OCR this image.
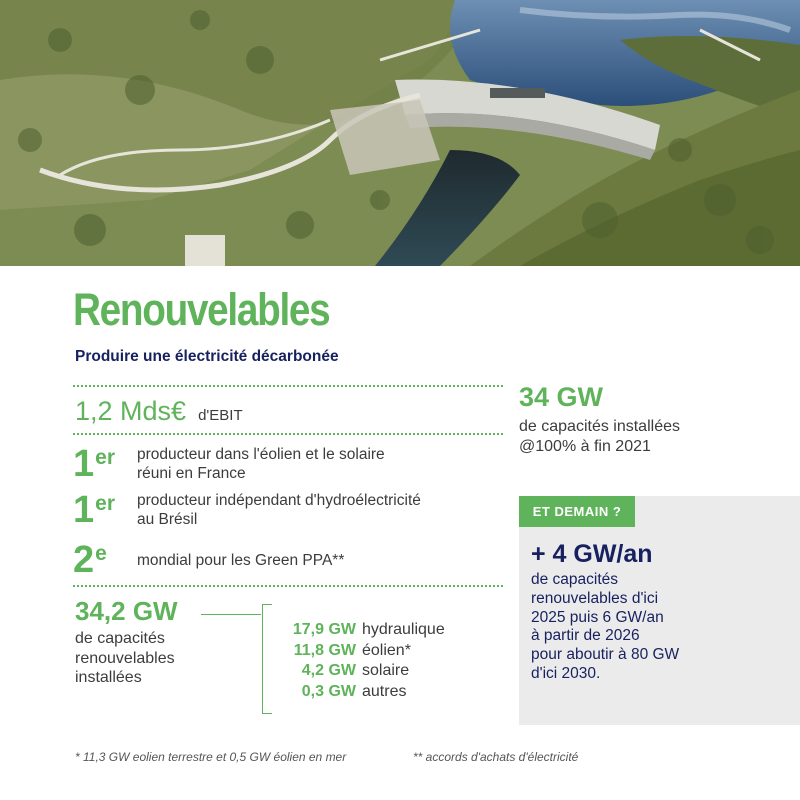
Renouvelables
Produire une électricité décarbonée
1,2 Mds€ d'EBIT
1er	producteur dans l'éolien et le solaire
réuni en France
1er	producteur indépendant d'hydroélectricité
au Brésil
2e	mondial pour les Green PPA**
34,2 GW
de capacités
renouvelables
installées
17,9 GW hydraulique
11,8 GW éolien*
4,2 GW solaire
0,3 GW autres
34 GW
de capacités installées
@100% à fin 2021
ET DEMAIN ?
+ 4 GW/an
de capacités
renouvelables d'ici
2025 puis 6 GW/an
à partir de 2026
pour aboutir à 80 GW
d'ici 2030.
* 11,3 GW eolien terrestre et 0,5 GW éolien en mer	** accords d'achats d'électricité
